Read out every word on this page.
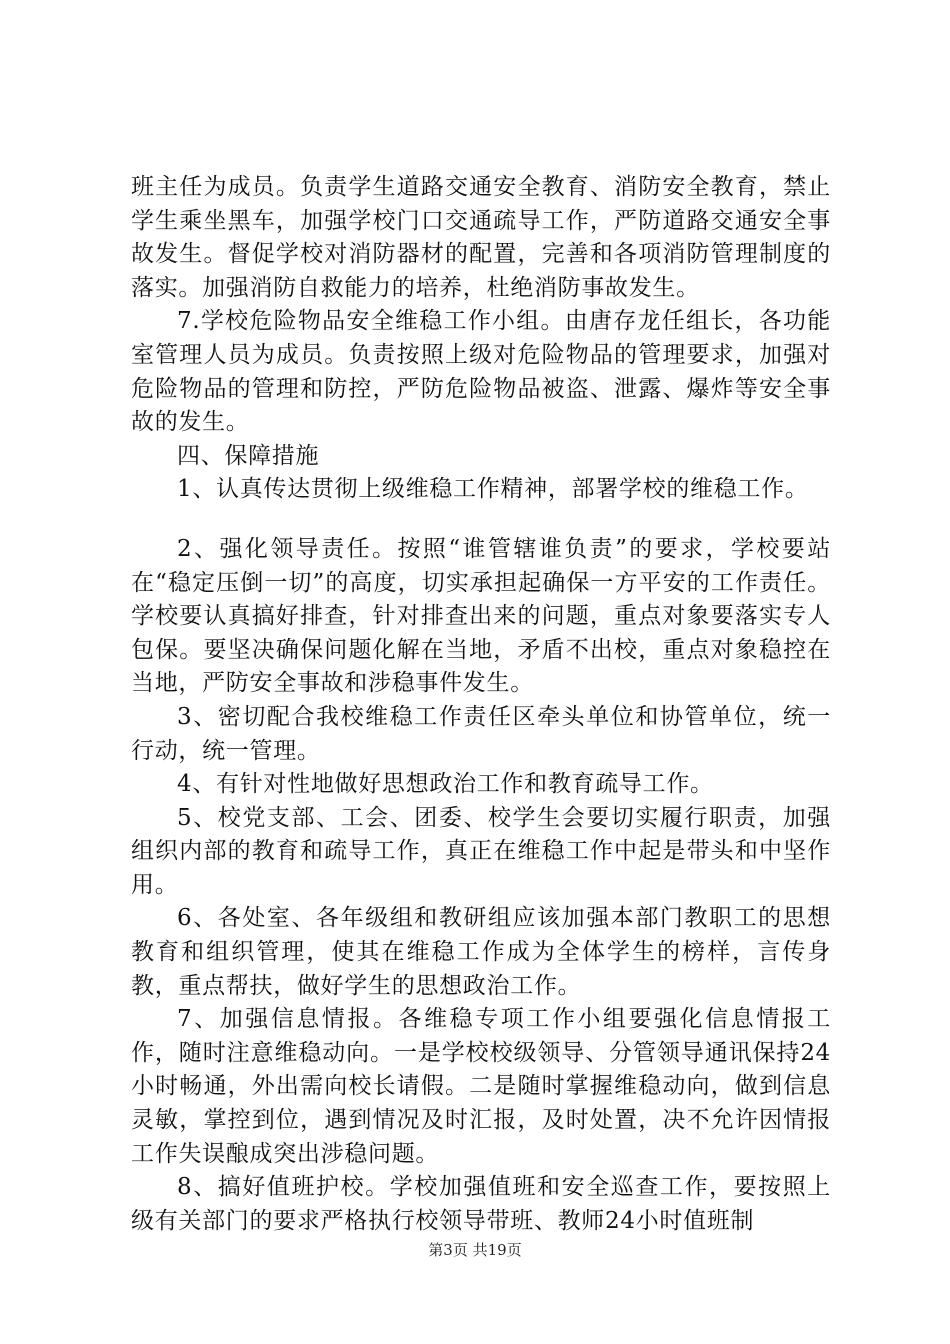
班主任为成员。负责学生道路交通安全教育、消防安全教育，禁止学生乘坐黑车，加强学校门口交通疏导工作，严防道路交通安全事故发生。督促学校对消防器材的配置，完善和各项消防管理制度的落实。加强消防自救能力的培养，杜绝消防事故发生。

7.学校危险物品安全维稳工作小组。由唐存龙任组长，各功能室管理人员为成员。负责按照上级对危险物品的管理要求，加强对危险物品的管理和防控，严防危险物品被盗、泄露、爆炸等安全事故的发生。

四、保障措施

1、认真传达贯彻上级维稳工作精神，部署学校的维稳工作。

2、强化领导责任。按照“谁管辖谁负责”的要求，学校要站在“稳定压倒一切”的高度，切实承担起确保一方平安的工作责任。学校要认真搞好排查，针对排查出来的问题，重点对象要落实专人包保。要坚决确保问题化解在当地，矛盾不出校，重点对象稳控在当地，严防安全事故和涉稳事件发生。

3、密切配合我校维稳工作责任区牵头单位和协管单位，统一行动，统一管理。

4、有针对性地做好思想政治工作和教育疏导工作。

5、校党支部、工会、团委、校学生会要切实履行职责，加强组织内部的教育和疏导工作，真正在维稳工作中起是带头和中坚作用。

6、各处室、各年级组和教研组应该加强本部门教职工的思想教育和组织管理，使其在维稳工作成为全体学生的榜样，言传身教，重点帮扶，做好学生的思想政治工作。

7、加强信息情报。各维稳专项工作小组要强化信息情报工作，随时注意维稳动向。一是学校校级领导、分管领导通讯保持24小时畅通，外出需向校长请假。二是随时掌握维稳动向，做到信息灵敏，掌控到位，遇到情况及时汇报，及时处置，决不允许因情报工作失误酿成突出涉稳问题。

8、搞好值班护校。学校加强值班和安全巡查工作，要按照上级有关部门的要求严格执行校领导带班、教师24小时值班制

第3页 共19页
